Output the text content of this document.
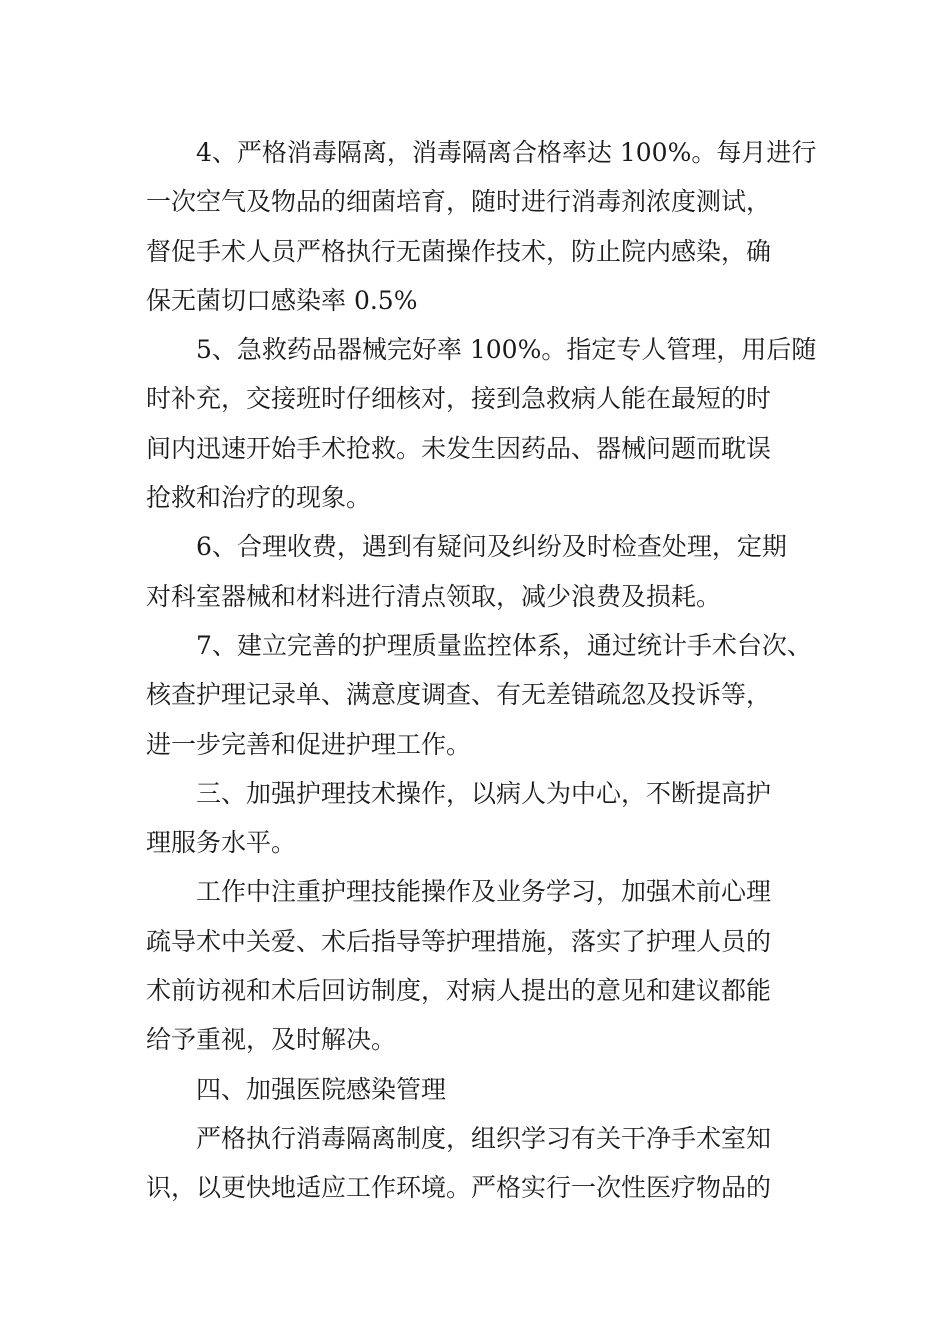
4、严格消毒隔离，消毒隔离合格率达 100%。每月进行
一次空气及物品的细菌培育，随时进行消毒剂浓度测试，
督促手术人员严格执行无菌操作技术，防止院内感染，确
保无菌切口感染率 0.5%
5、急救药品器械完好率 100%。指定专人管理，用后随
时补充，交接班时仔细核对，接到急救病人能在最短的时
间内迅速开始手术抢救。未发生因药品、器械问题而耽误
抢救和治疗的现象。
6、合理收费，遇到有疑问及纠纷及时检查处理，定期
对科室器械和材料进行清点领取，减少浪费及损耗。
7、建立完善的护理质量监控体系，通过统计手术台次、
核查护理记录单、满意度调查、有无差错疏忽及投诉等，
进一步完善和促进护理工作。
三、加强护理技术操作，以病人为中心，不断提高护
理服务水平。
工作中注重护理技能操作及业务学习，加强术前心理
疏导术中关爱、术后指导等护理措施，落实了护理人员的
术前访视和术后回访制度，对病人提出的意见和建议都能
给予重视，及时解决。
四、加强医院感染管理
严格执行消毒隔离制度，组织学习有关干净手术室知
识，以更快地适应工作环境。严格实行一次性医疗物品的
